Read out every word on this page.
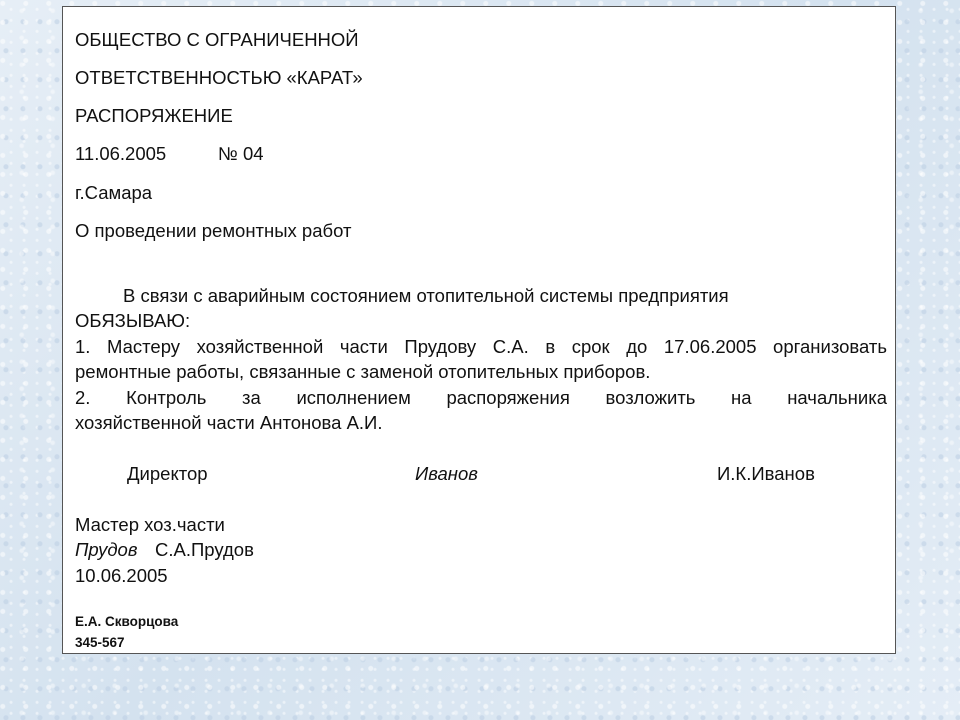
ОБЩЕСТВО С ОГРАНИЧЕННОЙ
ОТВЕТСТВЕННОСТЬЮ «КАРАТ»
РАСПОРЯЖЕНИЕ
11.06.2005	№ 04
г.Самара
О проведении ремонтных работ
В связи с аварийным состоянием отопительной системы предприятия
ОБЯЗЫВАЮ:
1. Мастеру хозяйственной части Прудову С.А. в срок до 17.06.2005 организовать
ремонтные работы, связанные с заменой отопительных приборов.
2. Контроль за исполнением распоряжения возложить на начальника
хозяйственной части Антонова А.И.
Директор	Иванов	И.К.Иванов
Мастер хоз.части
Прудов С.А.Прудов
10.06.2005
Е.А. Скворцова
345-567
